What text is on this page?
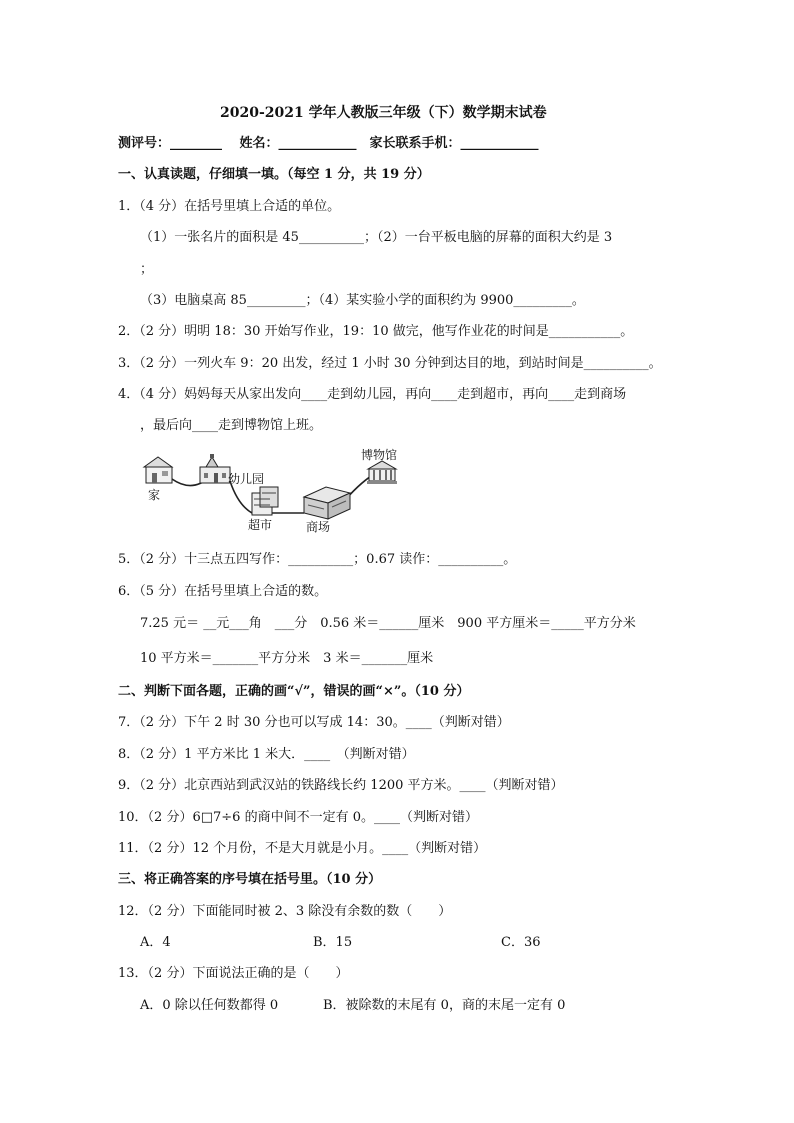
2020-2021 学年人教版三年级（下）数学期末试卷
测评号：________　 姓名：____________　家长联系手机：____________
一、认真读题，仔细填一填。（每空 1 分，共 19 分）
1．（4 分）在括号里填上合适的单位。
（1）一张名片的面积是 45__________；（2）一台平板电脑的屏幕的面积大约是 3
；
（3）电脑桌高 85_________；（4）某实验小学的面积约为 9900_________。
2．（2 分）明明 18：30 开始写作业，19：10 做完，他写作业花的时间是___________。
3．（2 分）一列火车 9：20 出发，经过 1 小时 30 分钟到达目的地，到站时间是__________。
4．（4 分）妈妈每天从家出发向____走到幼儿园，再向____走到超市，再向____走到商场
，最后向____走到博物馆上班。
家
幼儿园
超市	商场
博物馆
5．（2 分）十三点五四写作：__________；0.67 读作：__________。
6．（5 分）在括号里填上合适的数。
7.25 元＝ __元___角　___分　0.56 米＝______厘米　900 平方厘米＝_____平方分米
10 平方米＝_______平方分米　3 米＝_______厘米
二、判断下面各题，正确的画“√”，错误的画“×”。（10 分）
7．（2 分）下午 2 时 30 分也可以写成 14：30。____（判断对错）
8．（2 分）1 平方米比 1 米大．____　（判断对错）
9．（2 分）北京西站到武汉站的铁路线长约 1200 平方米。____（判断对错）
10．（2 分）6□7÷6 的商中间不一定有 0。____（判断对错）
11．（2 分）12 个月份，不是大月就是小月。____（判断对错）
三、将正确答案的序号填在括号里。（10 分）
12．（2 分）下面能同时被 2、3 除没有余数的数（　　）
A．4	B．15	C．36
13．（2 分）下面说法正确的是（　　）
A．0 除以任何数都得 0	B．被除数的末尾有 0，商的末尾一定有 0
